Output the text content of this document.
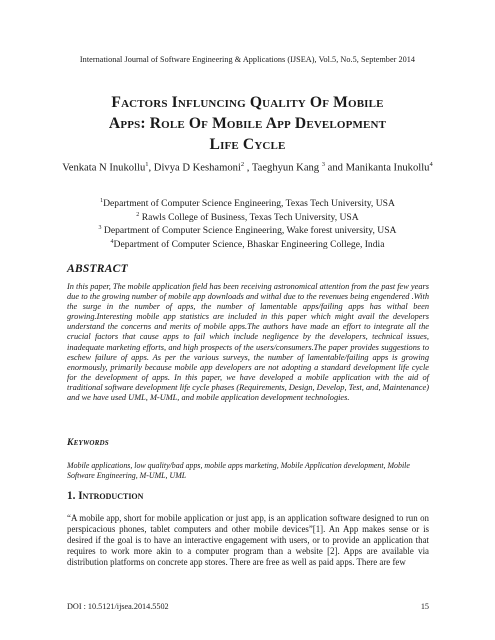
International Journal of Software Engineering & Applications (IJSEA), Vol.5, No.5, September 2014
Factors Influncing Quality Of Mobile
Apps: Role Of Mobile App Development
Life Cycle
Venkata N Inukollu$^1$, Divya D Keshamoni$^2$ , Taeghyun Kang $^3$ and Manikanta Inukollu$^4$
$^1$Department of Computer Science Engineering, Texas Tech University, USA
$^2$ Rawls College of Business, Texas Tech University, USA
$^3$ Department of Computer Science Engineering, Wake forest university, USA
$^4$Department of Computer Science, Bhaskar Engineering College, India
ABSTRACT
In this paper, The mobile application field has been receiving astronomical attention from the past few years due to the growing number of mobile app downloads and withal due to the revenues being engendered .With the surge in the number of apps, the number of lamentable apps/failing apps has withal been growing.Interesting mobile app statistics are included in this paper which might avail the developers understand the concerns and merits of mobile apps.The authors have made an effort to integrate all the crucial factors that cause apps to fail which include negligence by the developers, technical issues, inadequate marketing efforts, and high prospects of the users/consumers.The paper provides suggestions to eschew failure of apps. As per the various surveys, the number of lamentable/failing apps is growing enormously, primarily because mobile app developers are not adopting a standard development life cycle for the development of apps. In this paper, we have developed a mobile application with the aid of traditional software development life cycle phases (Requirements, Design, Develop, Test, and, Maintenance) and we have used UML, M-UML, and mobile application development technologies.
Keywords
Mobile applications, low quality/bad apps, mobile apps marketing, Mobile Application development, Mobile Software Engineering, M-UML, UML
1. Introduction
“A mobile app, short for mobile application or just app, is an application software designed to run on perspicacious phones, tablet computers and other mobile devices”[1]. An App makes sense or is desired if the goal is to have an interactive engagement with users, or to provide an application that requires to work more akin to a computer program than a website [2]. Apps are available via distribution platforms on concrete app stores. There are free as well as paid apps. There are few
DOI : 10.5121/ijsea.2014.5502	15
